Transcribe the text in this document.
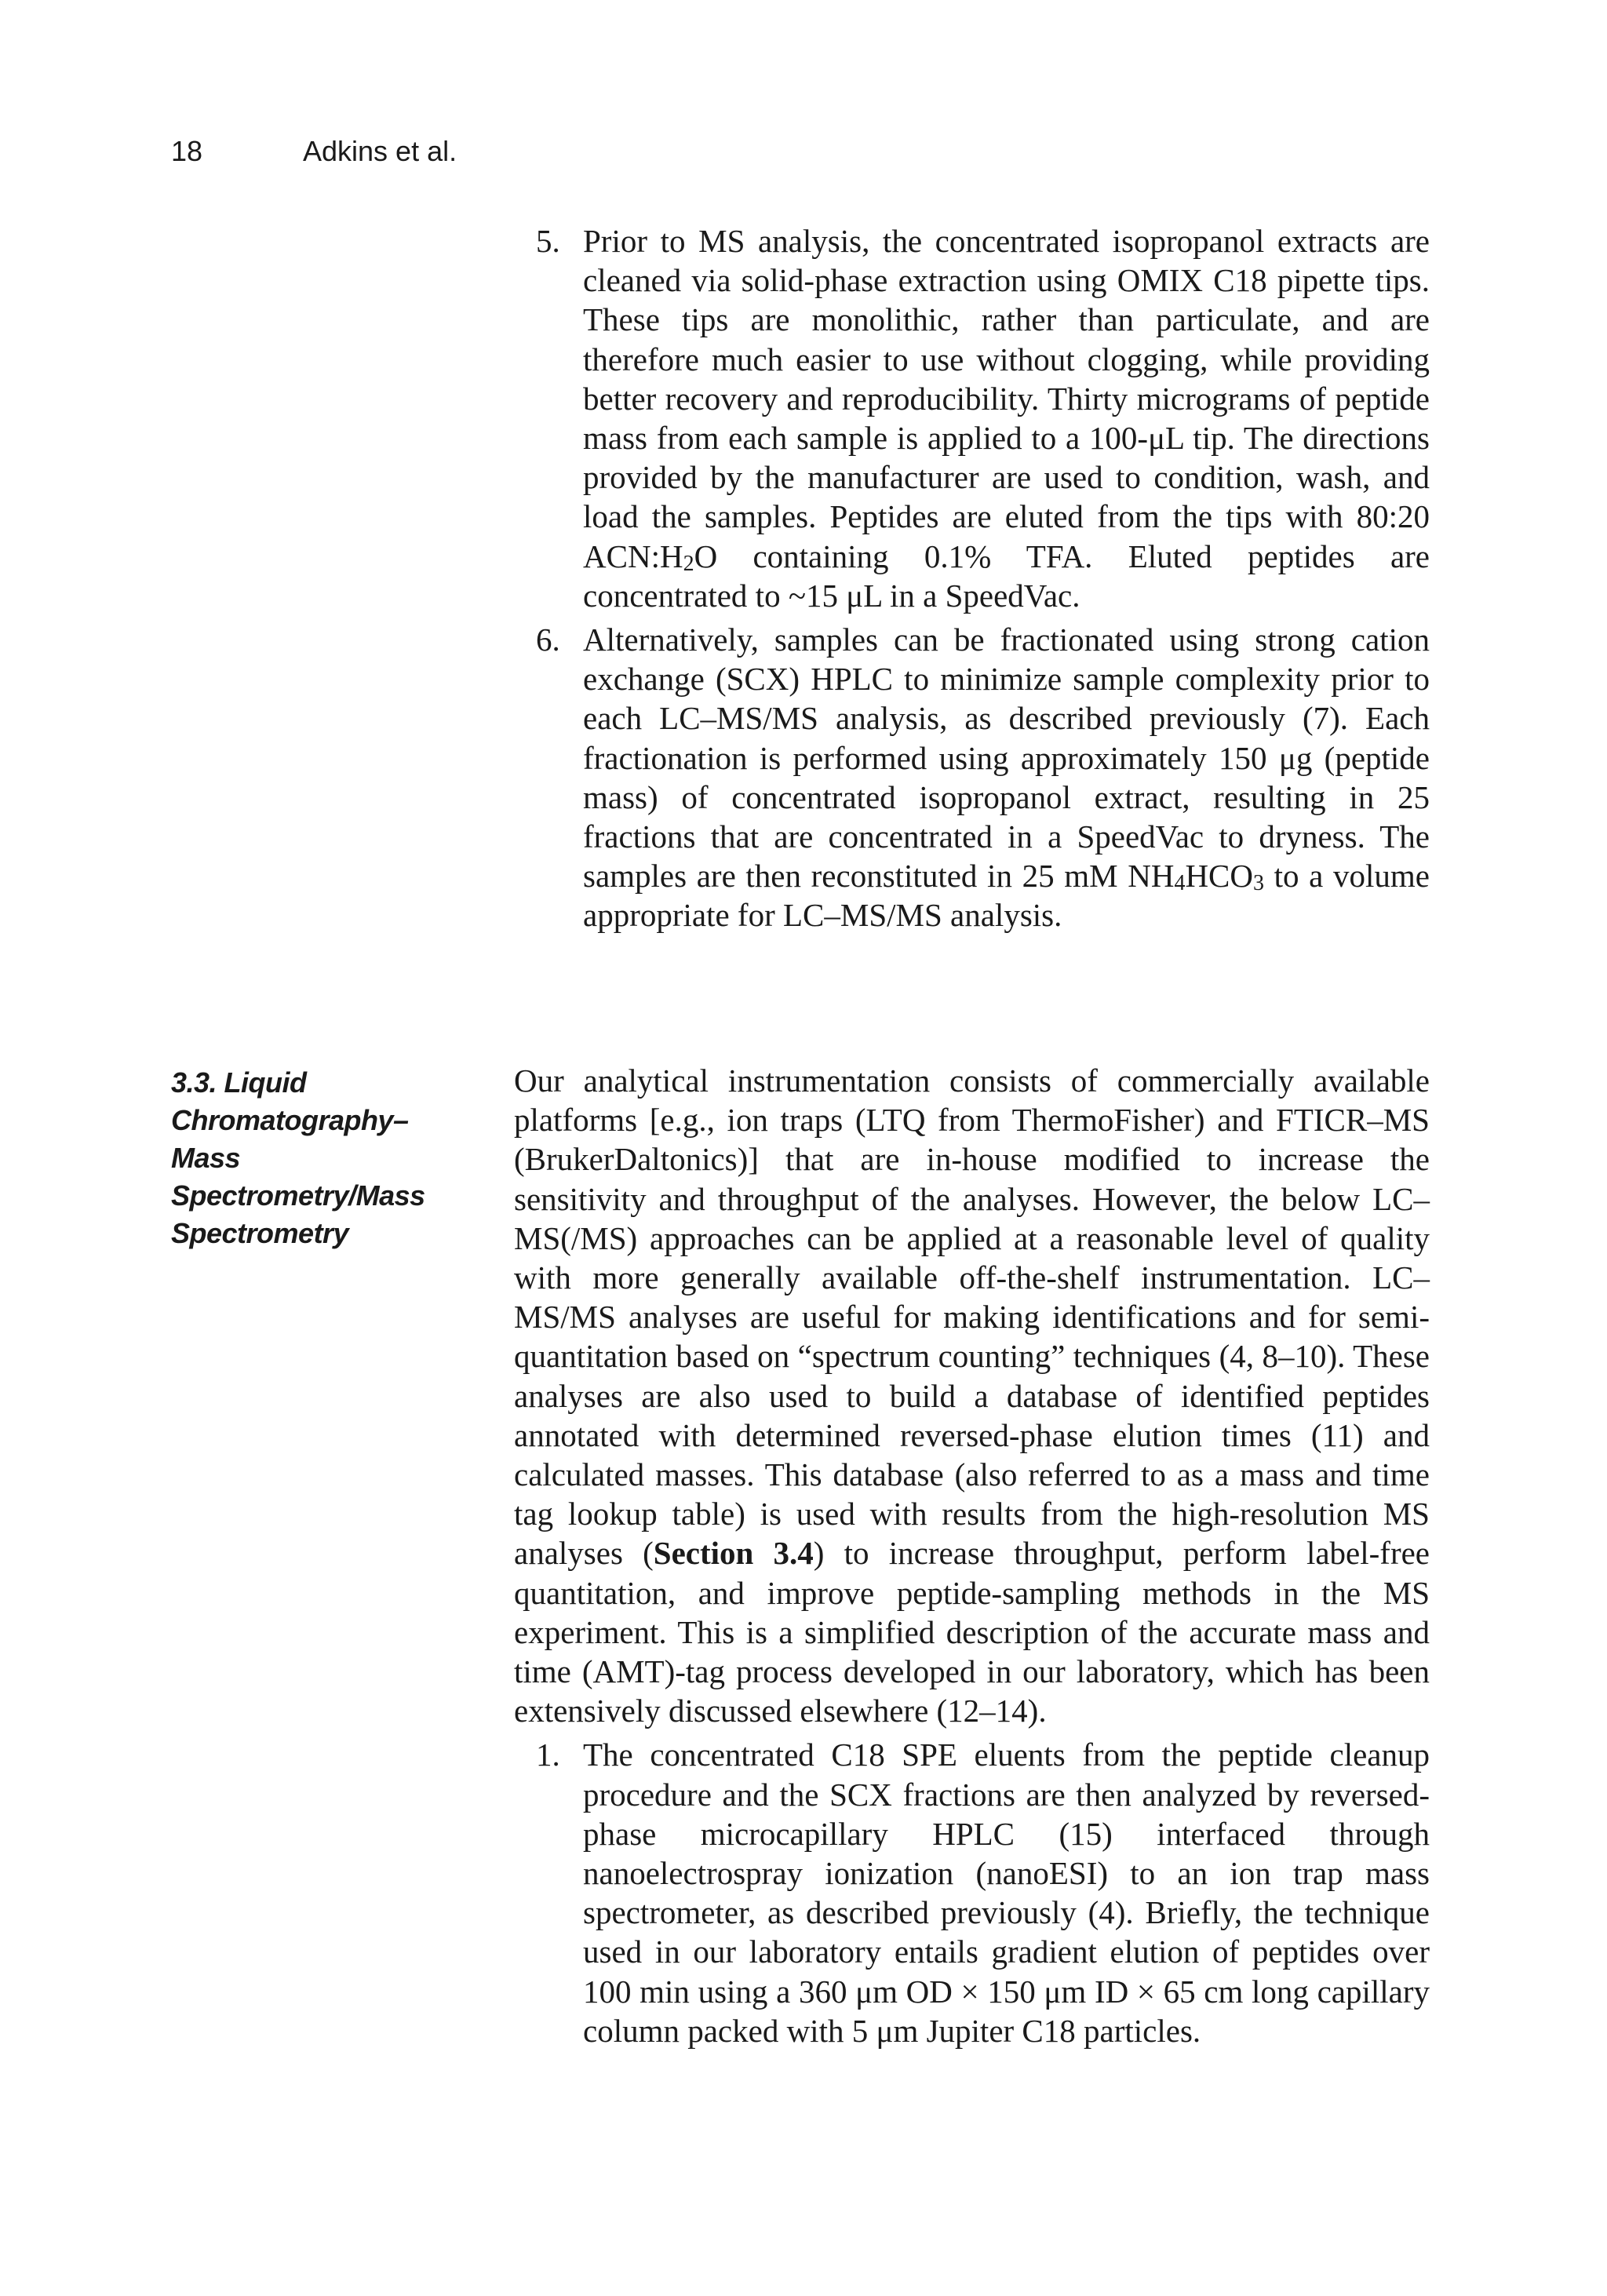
18	Adkins et al.
5. Prior to MS analysis, the concentrated isopropanol extracts are cleaned via solid-phase extraction using OMIX C18 pipette tips. These tips are monolithic, rather than particulate, and are therefore much easier to use without clogging, while providing better recovery and reproducibility. Thirty micrograms of peptide mass from each sample is applied to a 100-μL tip. The directions provided by the manufacturer are used to condition, wash, and load the samples. Peptides are eluted from the tips with 80:20 $ACN:H_2O$ containing 0.1% TFA. Eluted peptides are concentrated to ~15 μL in a SpeedVac.
6. Alternatively, samples can be fractionated using strong cation exchange (SCX) HPLC to minimize sample complexity prior to each LC–MS/MS analysis, as described previously (7). Each fractionation is performed using approximately 150 μg (peptide mass) of concentrated isopropanol extract, resulting in 25 fractions that are concentrated in a SpeedVac to dryness. The samples are then reconstituted in 25 mM $NH_4HCO_3$ to a volume appropriate for LC–MS/MS analysis.
3.3. Liquid
Chromatography–
Mass
Spectrometry/Mass
Spectrometry

Our analytical instrumentation consists of commercially available platforms [e.g., ion traps (LTQ from ThermoFisher) and FTICR–MS (BrukerDaltonics)] that are in-house modified to increase the sensitivity and throughput of the analyses. However, the below LC–MS(/MS) approaches can be applied at a reasonable level of quality with more generally available off-the-shelf instrumentation. LC–MS/MS analyses are useful for making identifications and for semi-quantitation based on “spectrum counting” techniques (4, 8–10). These analyses are also used to build a database of identified peptides annotated with determined reversed-phase elution times (11) and calculated masses. This database (also referred to as a mass and time tag lookup table) is used with results from the high-resolution MS analyses (Section 3.4) to increase throughput, perform label-free quantitation, and improve peptide-sampling methods in the MS experiment. This is a simplified description of the accurate mass and time (AMT)-tag process developed in our laboratory, which has been extensively discussed elsewhere (12–14).

1. The concentrated C18 SPE eluents from the peptide cleanup procedure and the SCX fractions are then analyzed by reversed-phase microcapillary HPLC (15) interfaced through nanoelectrospray ionization (nanoESI) to an ion trap mass spectrometer, as described previously (4). Briefly, the technique used in our laboratory entails gradient elution of peptides over 100 min using a 360 μm OD × 150 μm ID × 65 cm long capillary column packed with 5 μm Jupiter C18 particles.
